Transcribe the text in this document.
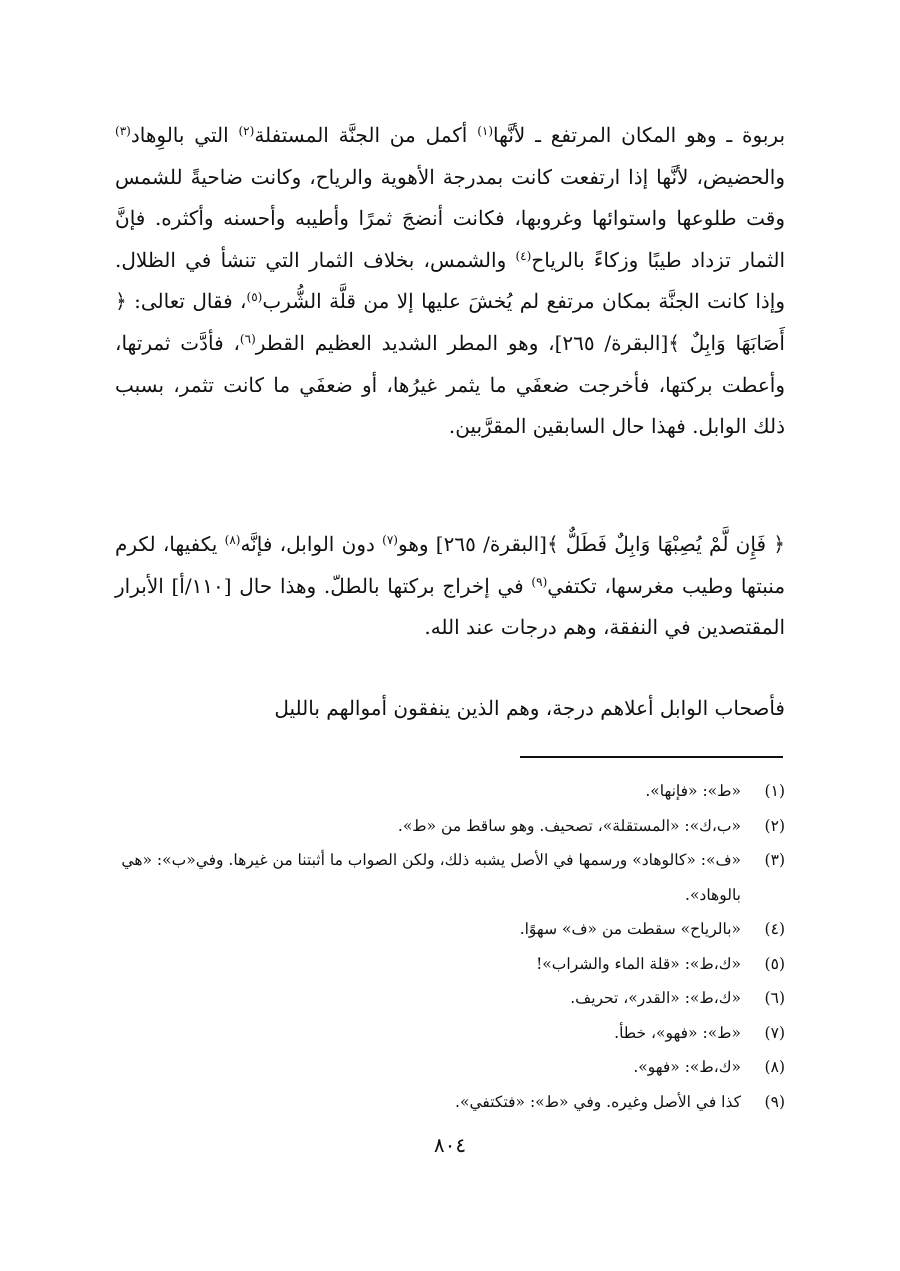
بربوة ـ وهو المكان المرتفع ـ لأنَّها$^{(١)}$ أكمل من الجنَّة المستفلة$^{(٢)}$ التي بالوِهاد$^{(٣)}$ والحضيض، لأنَّها إذا ارتفعت كانت بمدرجة الأهوية والرياح، وكانت ضاحيةً للشمس وقت طلوعها واستوائها وغروبها، فكانت أنضجَ ثمرًا وأطيبه وأحسنه وأكثره. فإنَّ الثمار تزداد طيبًا وزكاءً بالرياح$^{(٤)}$ والشمس، بخلاف الثمار التي تنشأ في الظلال. وإذا كانت الجنَّة بمكان مرتفع لم يُخشَ عليها إلا من قلَّة الشُّرب$^{(٥)}$، فقال تعالى: ﴿ أَصَابَهَا وَابِلٌ ﴾[البقرة/ ٢٦٥]، وهو المطر الشديد العظيم القطر$^{(٦)}$، فأدَّت ثمرتها، وأعطت بركتها، فأخرجت ضعفَي ما يثمر غيرُها، أو ضعفَي ما كانت تثمر، بسبب ذلك الوابل. فهذا حال السابقين المقرَّبين.

﴿ فَإِن لَّمْ يُصِبْهَا وَابِلٌ فَطَلٌّ ﴾[البقرة/ ٢٦٥] وهو$^{(٧)}$ دون الوابل، فإنَّه$^{(٨)}$ يكفيها، لكرم منبتها وطيب مغرسها، تكتفي$^{(٩)}$ في إخراج بركتها بالطلّ. وهذا حال [١١٠/أ] الأبرار المقتصدين في النفقة، وهم درجات عند الله.
فأصحاب الوابل أعلاهم درجة، وهم الذين ينفقون أموالهم بالليل
(١)
«ط»: «فإنها».
(٢)
«ب،ك»: «المستقلة»، تصحيف. وهو ساقط من «ط».
(٣)
«ف»: «كالوهاد» ورسمها في الأصل يشبه ذلك، ولكن الصواب ما أثبتنا من غيرها. وفي«ب»: «هي بالوهاد».
(٤)
«بالرياح» سقطت من «ف» سهوًا.
(٥)
«ك،ط»: «قلة الماء والشراب»!
(٦)
«ك،ط»: «القدر»، تحريف.
(٧)
«ط»: «فهو»، خطأ.
(٨)
«ك،ط»: «فهو».
(٩)
كذا في الأصل وغيره. وفي «ط»: «فتكتفي».
٨٠٤
